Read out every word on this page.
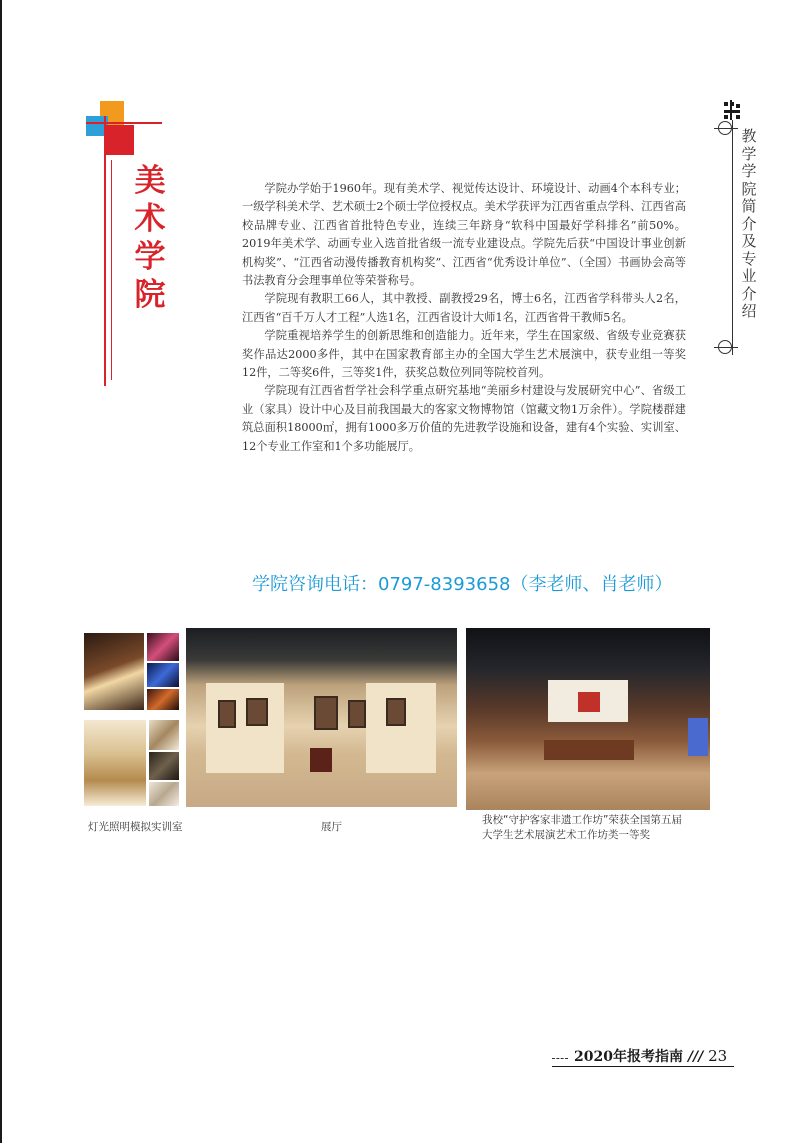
美
术
学
院
教
学
学
院
简
介
及
专
业
介
绍

学院办学始于1960年。现有美术学、视觉传达设计、环境设计、动画4个本科专业；一级学科美术学、艺术硕士2个硕士学位授权点。美术学获评为江西省重点学科、江西省高校品牌专业、江西省首批特色专业，连续三年跻身“软科中国最好学科排名”前50%。2019年美术学、动画专业入选首批省级一流专业建设点。学院先后获“中国设计事业创新机构奖”、“江西省动漫传播教育机构奖”、江西省“优秀设计单位”、（全国）书画协会高等书法教育分会理事单位等荣誉称号。

学院现有教职工66人，其中教授、副教授29名，博士6名，江西省学科带头人2名，江西省“百千万人才工程”人选1名，江西省设计大师1名，江西省骨干教师5名。

学院重视培养学生的创新思维和创造能力。近年来，学生在国家级、省级专业竞赛获奖作品达2000多件，其中在国家教育部主办的全国大学生艺术展演中，获专业组一等奖12件，二等奖6件，三等奖1件，获奖总数位列同等院校首列。

学院现有江西省哲学社会科学重点研究基地“美丽乡村建设与发展研究中心”、省级工业（家具）设计中心及目前我国最大的客家文物博物馆（馆藏文物1万余件）。学院楼群建筑总面积18000㎡，拥有1000多万价值的先进教学设施和设备，建有4个实验、实训室、12个专业工作室和1个多功能展厅。

学院咨询电话：0797-8393658（李老师、肖老师）
灯光照明模拟实训室	展厅
我校“守护客家非遗工作坊”荣获全国第五届
大学生艺术展演艺术工作坊类一等奖
2020年报考指南 /// 23
